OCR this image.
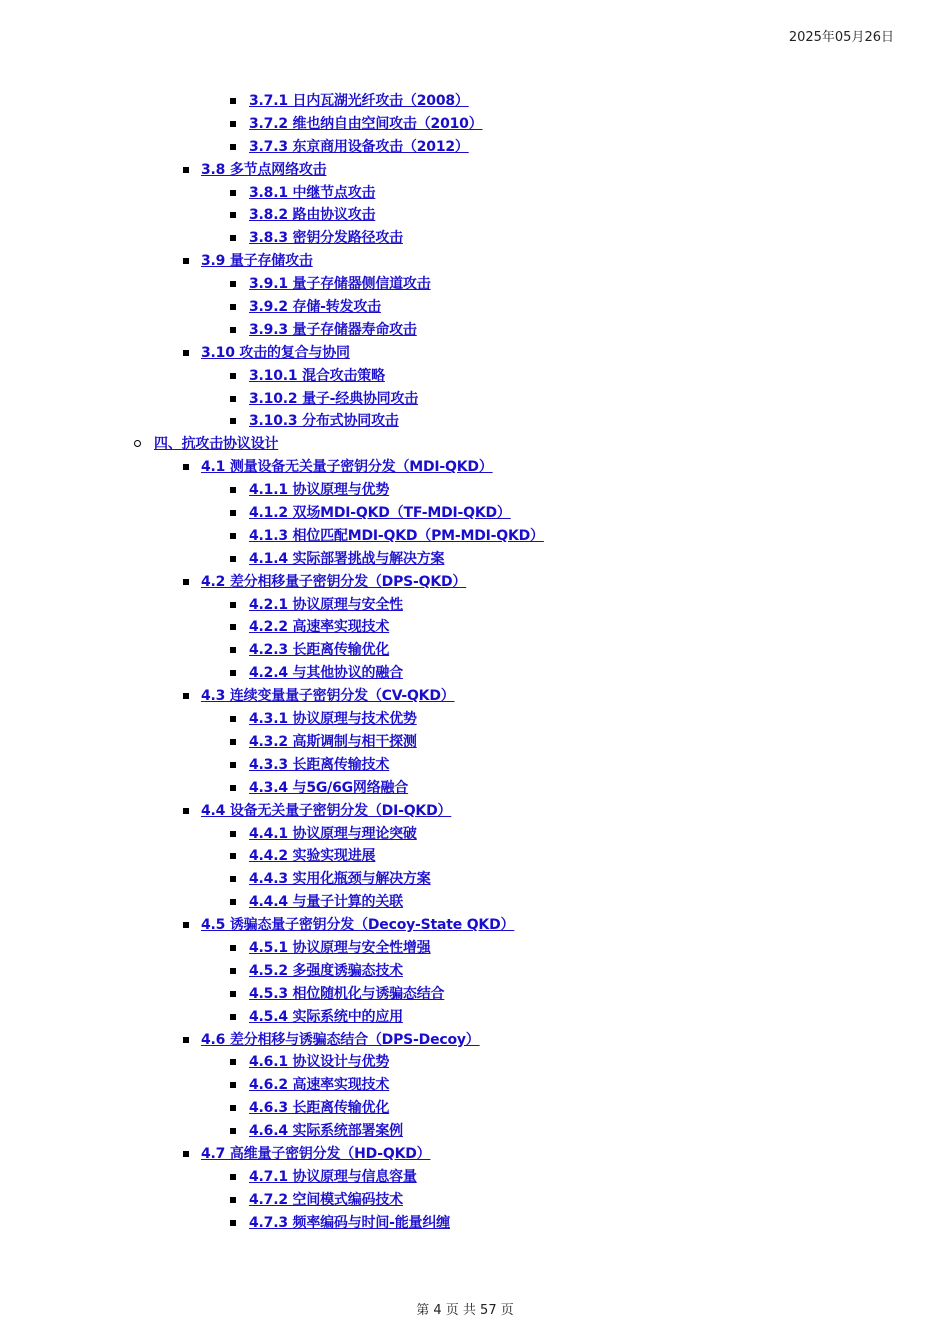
2025年05月26日
3.7.1 日内瓦湖光纤攻击（2008）
3.7.2 维也纳自由空间攻击（2010）
3.7.3 东京商用设备攻击（2012）
3.8 多节点网络攻击
3.8.1 中继节点攻击
3.8.2 路由协议攻击
3.8.3 密钥分发路径攻击
3.9 量子存储攻击
3.9.1 量子存储器侧信道攻击
3.9.2 存储-转发攻击
3.9.3 量子存储器寿命攻击
3.10 攻击的复合与协同
3.10.1 混合攻击策略
3.10.2 量子-经典协同攻击
3.10.3 分布式协同攻击
四、抗攻击协议设计
4.1 测量设备无关量子密钥分发（MDI-QKD）
4.1.1 协议原理与优势
4.1.2 双场MDI-QKD（TF-MDI-QKD）
4.1.3 相位匹配MDI-QKD（PM-MDI-QKD）
4.1.4 实际部署挑战与解决方案
4.2 差分相移量子密钥分发（DPS-QKD）
4.2.1 协议原理与安全性
4.2.2 高速率实现技术
4.2.3 长距离传输优化
4.2.4 与其他协议的融合
4.3 连续变量量子密钥分发（CV-QKD）
4.3.1 协议原理与技术优势
4.3.2 高斯调制与相干探测
4.3.3 长距离传输技术
4.3.4 与5G/6G网络融合
4.4 设备无关量子密钥分发（DI-QKD）
4.4.1 协议原理与理论突破
4.4.2 实验实现进展
4.4.3 实用化瓶颈与解决方案
4.4.4 与量子计算的关联
4.5 诱骗态量子密钥分发（Decoy-State QKD）
4.5.1 协议原理与安全性增强
4.5.2 多强度诱骗态技术
4.5.3 相位随机化与诱骗态结合
4.5.4 实际系统中的应用
4.6 差分相移与诱骗态结合（DPS-Decoy）
4.6.1 协议设计与优势
4.6.2 高速率实现技术
4.6.3 长距离传输优化
4.6.4 实际系统部署案例
4.7 高维量子密钥分发（HD-QKD）
4.7.1 协议原理与信息容量
4.7.2 空间模式编码技术
4.7.3 频率编码与时间-能量纠缠
第 4 页 共 57 页
